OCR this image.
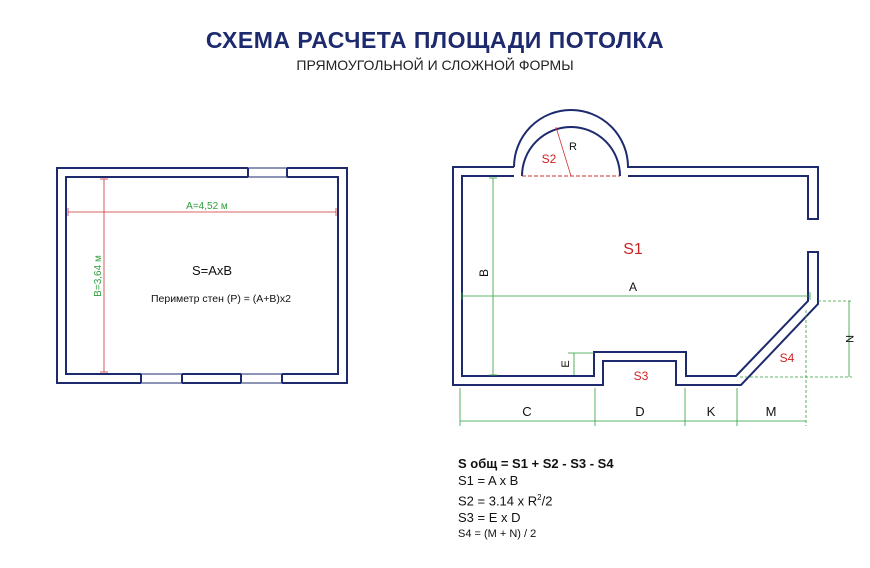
СХЕМА РАСЧЕТА ПЛОЩАДИ ПОТОЛКА
ПРЯМОУГОЛЬНОЙ И СЛОЖНОЙ ФОРМЫ
A=4,52 м
B=3,64 м	S=AxB
Периметр стен (P) = (A+B)x2
S1
S2
R
S3
S4
A
B
E
N
C	D	K	M
S общ = S1 + S2 - S3 - S4
S1 = A x B
S2 = 3.14 x $R^2/2$
S3 = E x D
S4 = (M + N) / 2
